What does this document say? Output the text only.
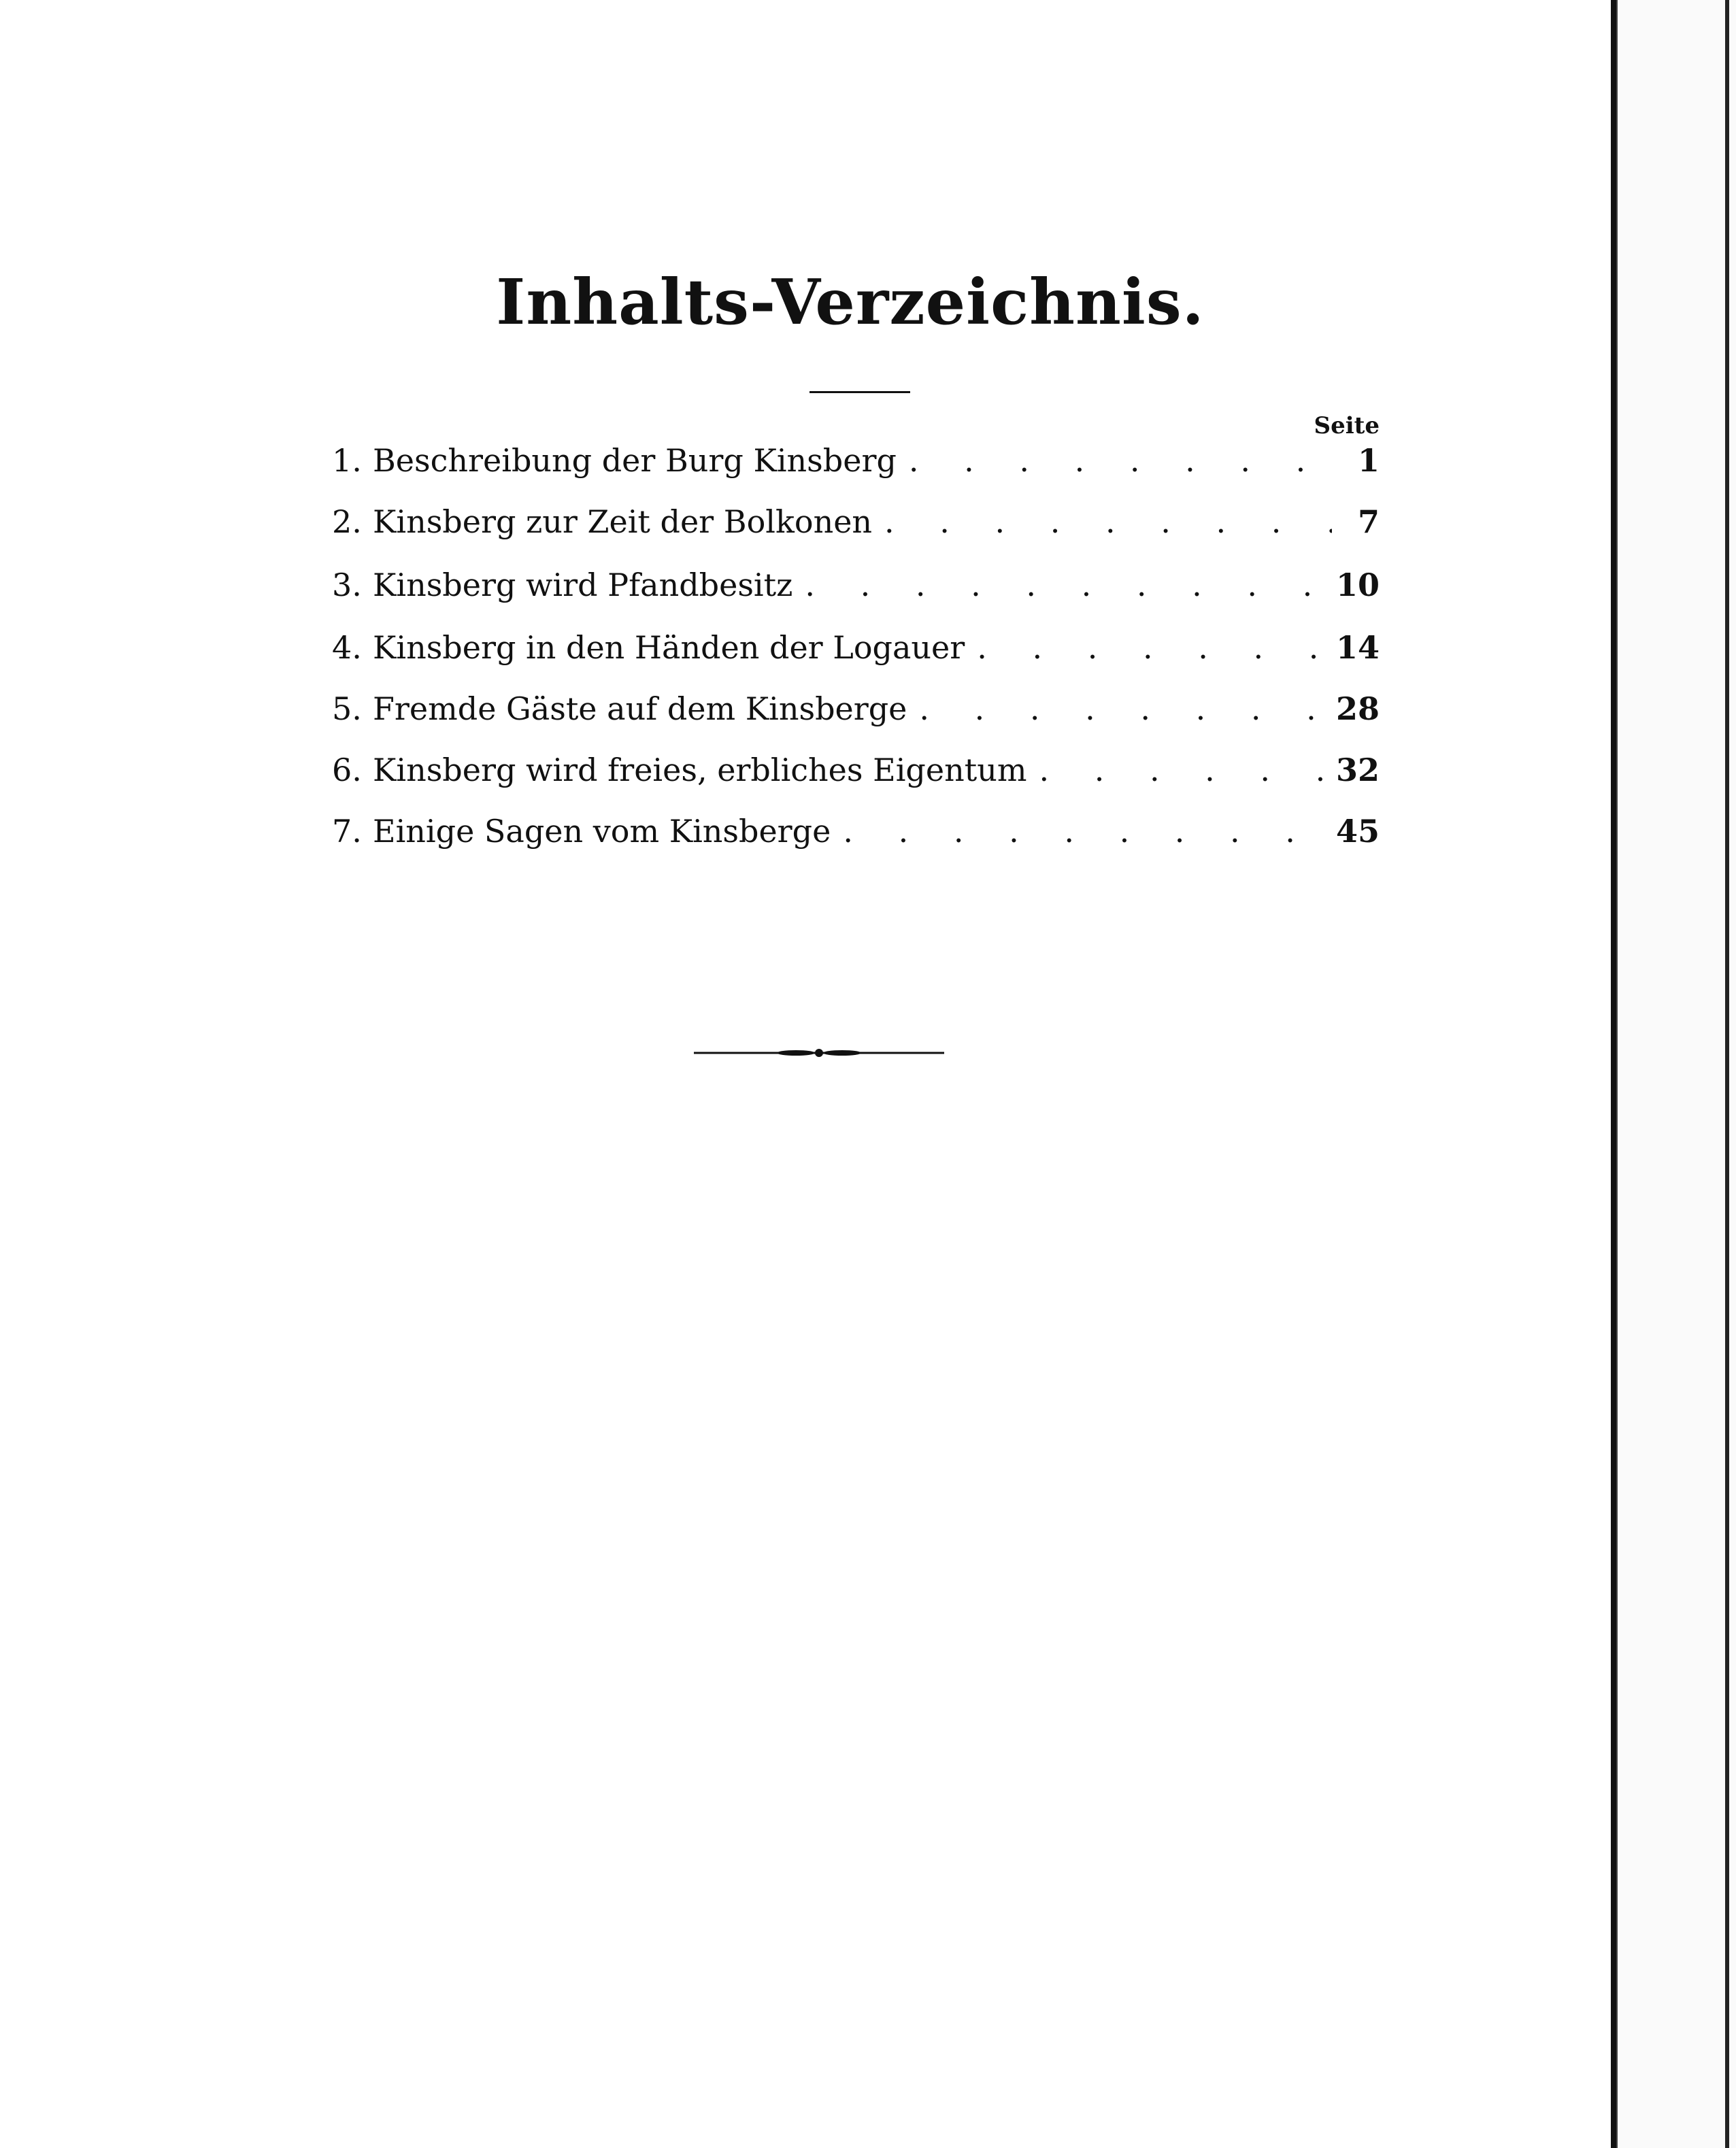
Inhalts-Verzeichnis.
Seite
1. Beschreibung der Burg Kinsberg . . .	1
2. Kinsberg zur Zeit der Bolkonen . . .	7
3. Kinsberg wird Pfandbesitz . . .	10
4. Kinsberg in den Händen der Logauer . . .	14
5. Fremde Gäste auf dem Kinsberge . . .	28
6. Kinsberg wird freies, erbliches Eigentum . . .	32
7. Einige Sagen vom Kinsberge . . .	45
